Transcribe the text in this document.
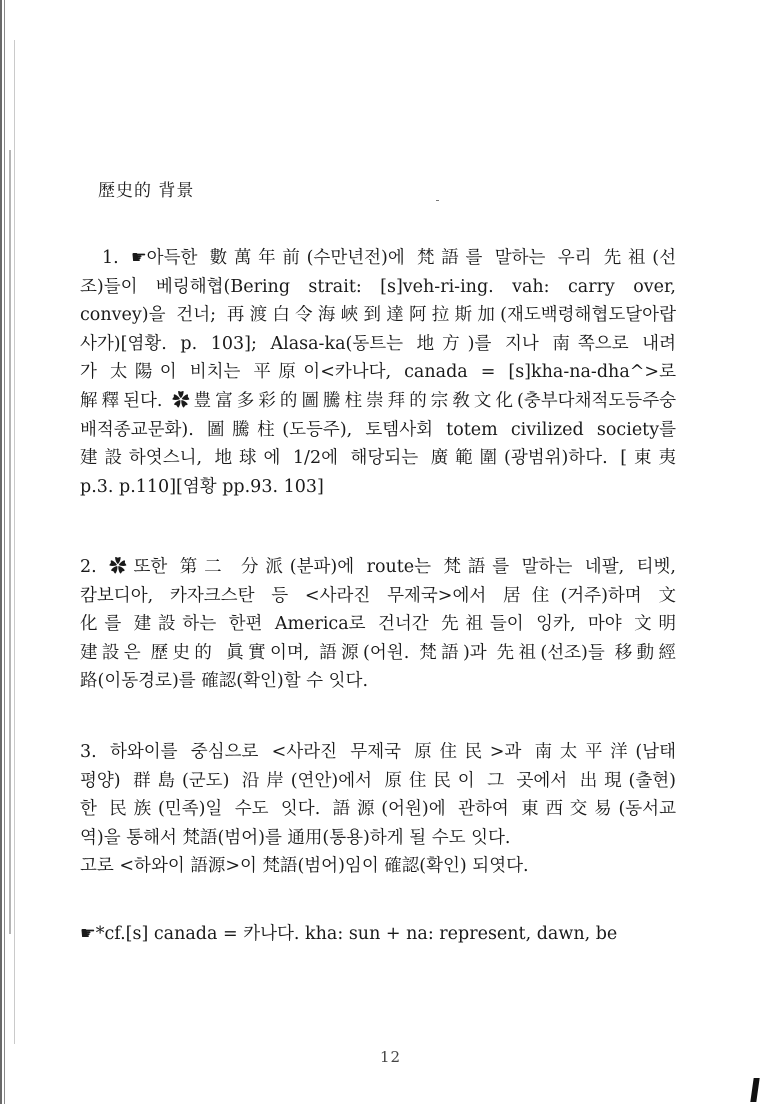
歷史的 背景
1. ☛아득한 數萬年前(수만년전)에 梵語를 말하는 우리 先祖(선
조)들이 베링해협(Bering strait: [s]veh-ri-ing. vah: carry over,
convey)을 건너; 再渡白令海峽到達阿拉斯加(재도백령해협도달아랍
사가)[염황. p. 103]; Alasa-ka(동트는 地方)를 지나 南쪽으로 내려
가 太陽이 비치는 平原이<카나다, canada = [s]kha-na-dha^>로
解釋된다. ✿豊富多彩的圖騰柱崇拜的宗敎文化(충부다채적도등주숭
배적종교문화). 圖騰柱(도등주), 토템사회 totem civilized society를
建設하엿스니, 地球에 1/2에 해당되는 廣範圍(광범위)하다. [東夷
p.3. p.110][염황 pp.93. 103]
2. ✿또한 第二 分派(분파)에 route는 梵語를 말하는 네팔, 티벳,
캄보디아, 카자크스탄 등 <사라진 무제국>에서 居住(거주)하며 文
化를 建設하는 한편 America로 건너간 先祖들이 잉카, 마야 文明
建設은 歷史的 眞實이며, 語源(어원. 梵語)과 先祖(선조)들 移動經
路(이동경로)를 確認(확인)할 수 잇다.
3. 하와이를 중심으로 <사라진 무제국 原住民>과 南太平洋(남태
평양) 群島(군도) 沿岸(연안)에서 原住民이 그 곳에서 出現(출현)
한 民族(민족)일 수도 잇다. 語源(어원)에 관하여 東西交易(동서교
역)을 통해서 梵語(범어)를 通用(통용)하게 될 수도 잇다.
고로 <하와이 語源>이 梵語(범어)임이 確認(확인) 되엿다.
☛*cf.[s] canada = 카나다. kha: sun + na: represent, dawn, be
12
